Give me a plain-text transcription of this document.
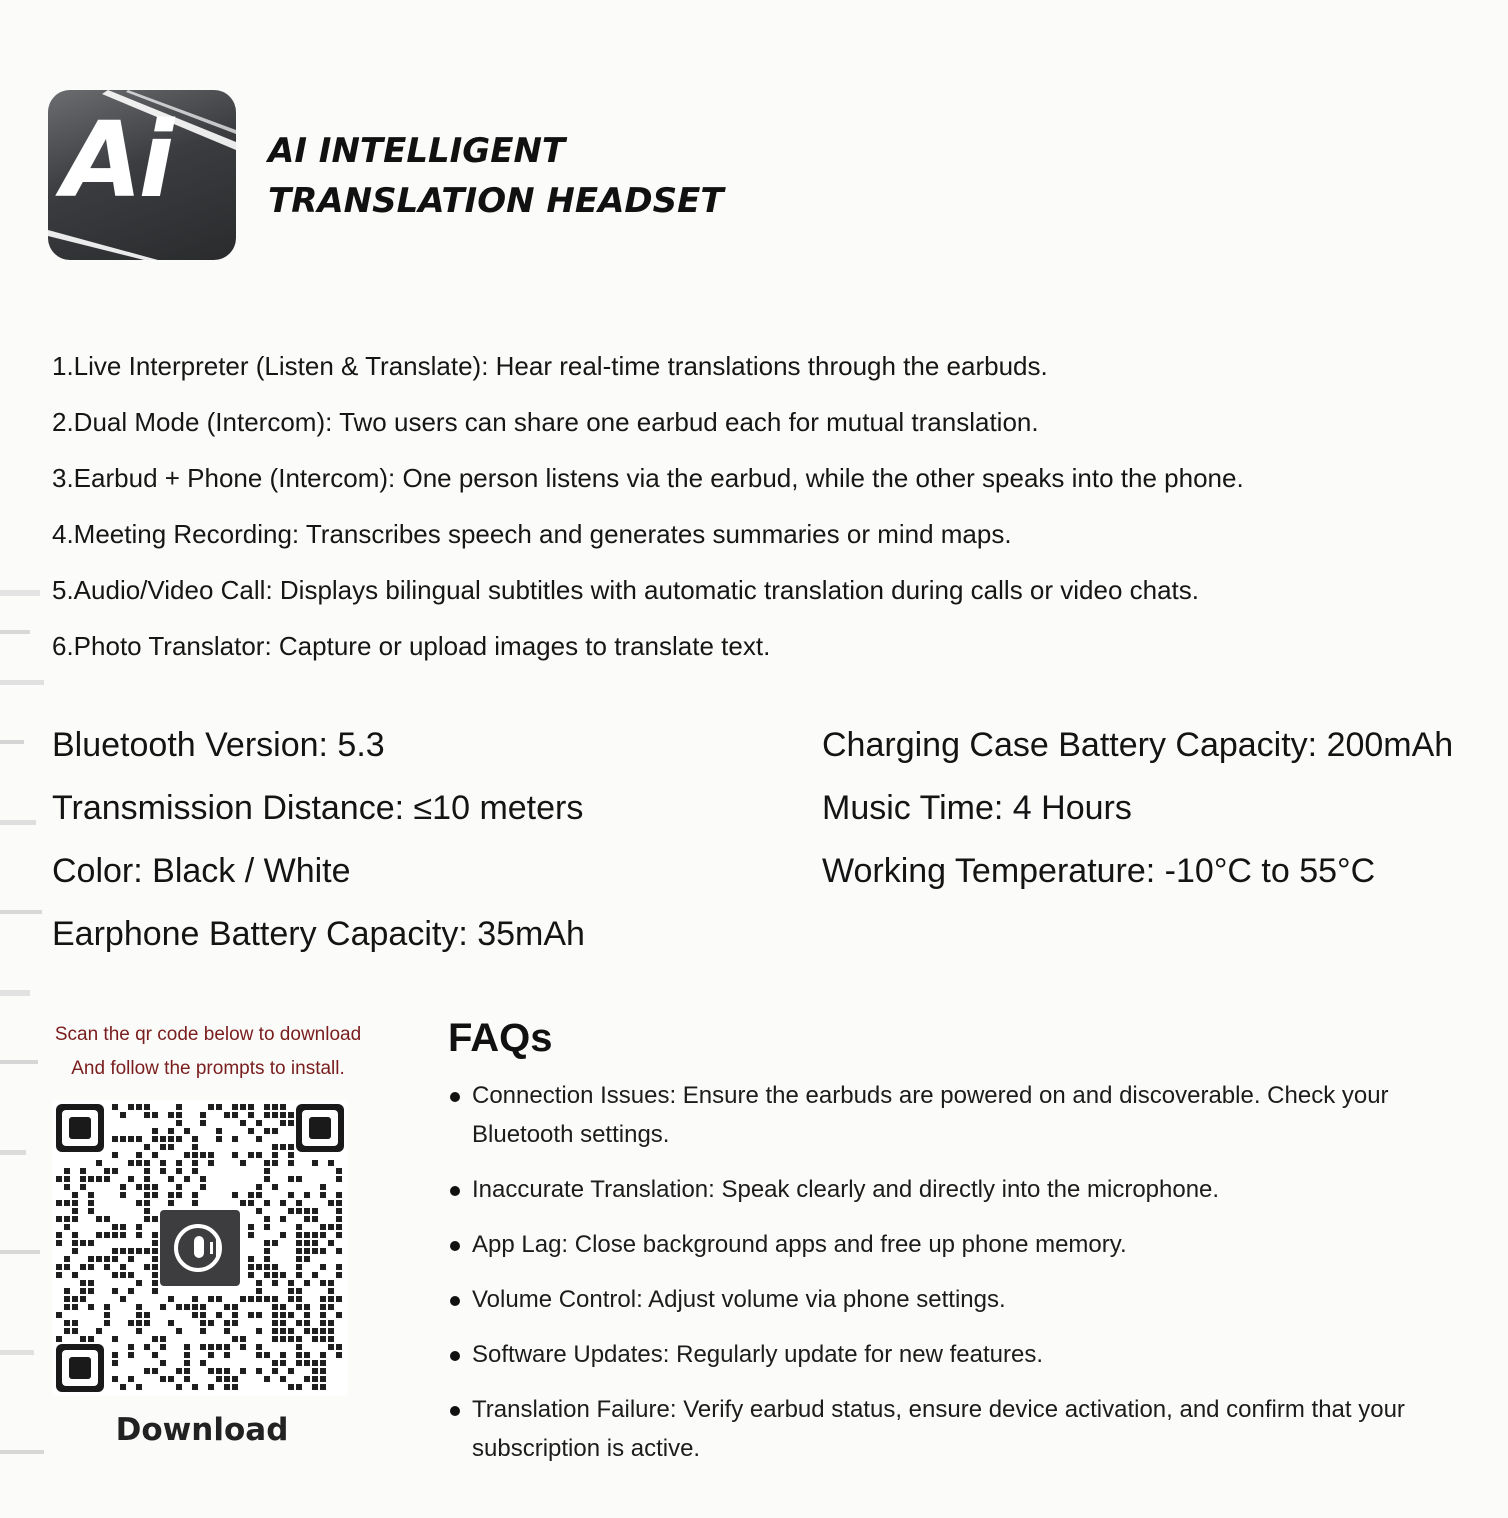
Ai	AI INTELLIGENT
TRANSLATION HEADSET
1.Live Interpreter (Listen & Translate): Hear real-time translations through the earbuds.
2.Dual Mode (Intercom): Two users can share one earbud each for mutual translation.
3.Earbud + Phone (Intercom): One person listens via the earbud, while the other speaks into the phone.
4.Meeting Recording: Transcribes speech and generates summaries or mind maps.
5.Audio/Video Call: Displays bilingual subtitles with automatic translation during calls or video chats.
6.Photo Translator: Capture or upload images to translate text.
Bluetooth Version: 5.3
Transmission Distance: ≤10 meters
Color: Black / White
Earphone Battery Capacity: 35mAh
Charging Case Battery Capacity: 200mAh
Music Time: 4 Hours
Working Temperature: -10°C to 55°C
Scan the qr code below to download
And follow the prompts to install.
Download
FAQs
Connection Issues: Ensure the earbuds are powered on and discoverable. Check your Bluetooth settings.
Inaccurate Translation: Speak clearly and directly into the microphone.
App Lag: Close background apps and free up phone memory.
Volume Control: Adjust volume via phone settings.
Software Updates: Regularly update for new features.
Translation Failure: Verify earbud status, ensure device activation, and confirm that your subscription is active.
